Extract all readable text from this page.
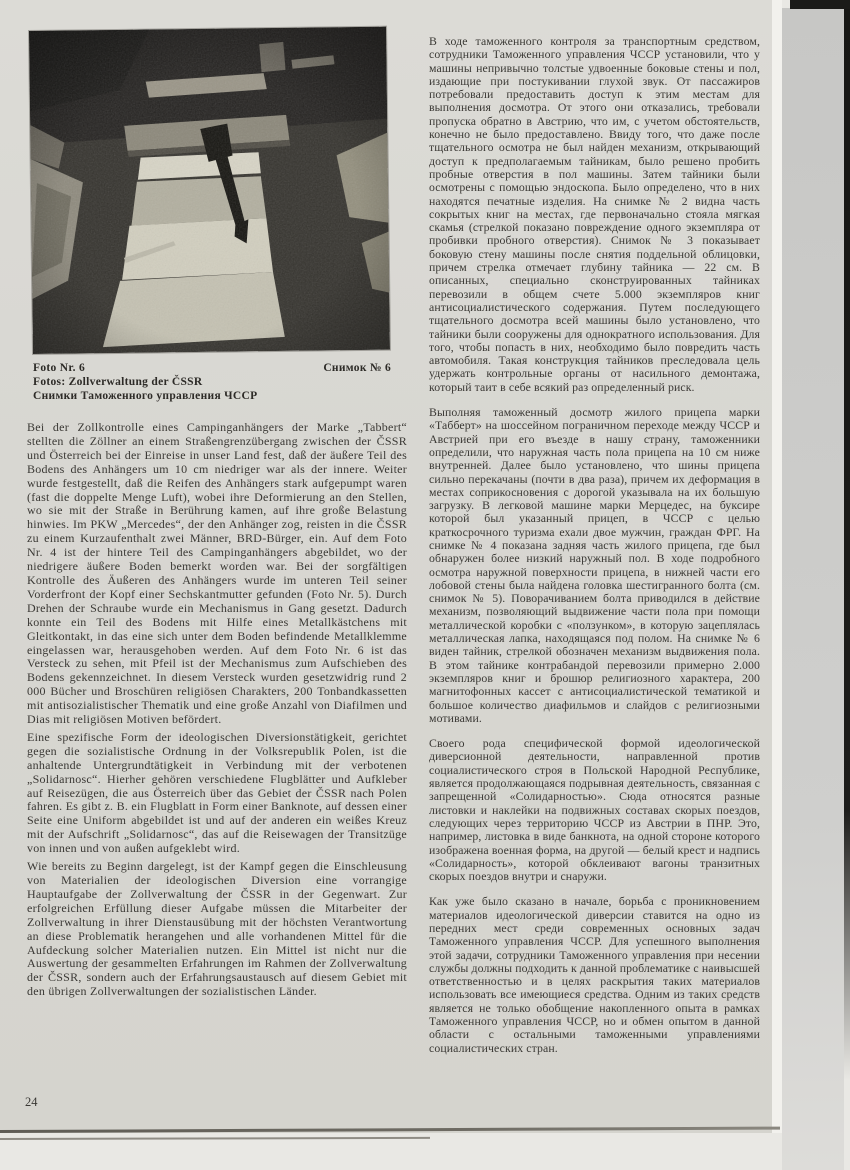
Foto Nr. 6	Снимок № 6
Fotos: Zollverwaltung der ČSSR
Снимки Таможенного управления ЧССР

Bei der Zollkontrolle eines Campinganhängers der Marke „Tabbert“ stellten die Zöllner an einem Straßengrenzübergang zwischen der ČSSR und Österreich bei der Einreise in unser Land fest, daß der äußere Teil des Bodens des Anhängers um 10 cm niedriger war als der innere. Weiter wurde festgestellt, daß die Reifen des Anhängers stark aufgepumpt waren (fast die doppelte Menge Luft), wobei ihre Deformierung an den Stellen, wo sie mit der Straße in Berührung kamen, auf ihre große Belastung hinwies. Im PKW „Mercedes“, der den Anhänger zog, reisten in die ČSSR zu einem Kurzaufenthalt zwei Männer, BRD-Bürger, ein. Auf dem Foto Nr. 4 ist der hintere Teil des Campinganhängers abgebildet, wo der niedrigere äußere Boden bemerkt worden war. Bei der sorgfältigen Kontrolle des Äußeren des Anhängers wurde im unteren Teil seiner Vorderfront der Kopf einer Sechskantmutter gefunden (Foto Nr. 5). Durch Drehen der Schraube wurde ein Mechanismus in Gang gesetzt. Dadurch konnte ein Teil des Bodens mit Hilfe eines Metallkästchens mit Gleitkontakt, in das eine sich unter dem Boden befindende Metallklemme eingelassen war, herausgehoben werden. Auf dem Foto Nr. 6 ist das Versteck zu sehen, mit Pfeil ist der Mechanismus zum Aufschieben des Bodens gekennzeichnet. In diesem Versteck wurden gesetzwidrig rund 2 000 Bücher und Broschüren religiösen Charakters, 200 Tonbandkassetten mit antisozialistischer Thematik und eine große Anzahl von Diafilmen und Dias mit religiösen Motiven befördert.

Eine spezifische Form der ideologischen Diversionstätigkeit, gerichtet gegen die sozialistische Ordnung in der Volksrepublik Polen, ist die anhaltende Untergrundtätigkeit in Verbindung mit der verbotenen „Solidarnosc“. Hierher gehören verschiedene Flugblätter und Aufkleber auf Reisezügen, die aus Österreich über das Gebiet der ČSSR nach Polen fahren. Es gibt z. B. ein Flugblatt in Form einer Banknote, auf dessen einer Seite eine Uniform abgebildet ist und auf der anderen ein weißes Kreuz mit der Aufschrift „Solidarnosc“, das auf die Reisewagen der Transitzüge von innen und von außen aufgeklebt wird.

Wie bereits zu Beginn dargelegt, ist der Kampf gegen die Einschleusung von Materialien der ideologischen Diversion eine vorrangige Hauptaufgabe der Zollverwaltung der ČSSR in der Gegenwart. Zur erfolgreichen Erfüllung dieser Aufgabe müssen die Mitarbeiter der Zollverwaltung in ihrer Dienstausübung mit der höchsten Verantwortung an diese Problematik herangehen und alle vorhandenen Mittel für die Aufdeckung solcher Materialien nutzen. Ein Mittel ist nicht nur die Auswertung der gesammelten Erfahrungen im Rahmen der Zollverwaltung der ČSSR, sondern auch der Erfahrungsaustausch auf diesem Gebiet mit den übrigen Zollverwaltungen der sozialistischen Länder.

В ходе таможенного контроля за транспортным средством, сотрудники Таможенного управления ЧССР установили, что у машины непривычно толстые удвоенные боковые стены и пол, издающие при постукивании глухой звук. От пассажиров потребовали предоставить доступ к этим местам для выполнения досмотра. От этого они отказались, требовали пропуска обратно в Австрию, что им, с учетом обстоятельств, конечно не было предоставлено. Ввиду того, что даже после тщательного осмотра не был найден механизм, открывающий доступ к предполагаемым тайникам, было решено пробить пробные отверстия в пол машины. Затем тайники были осмотрены с помощью эндоскопа. Было определено, что в них находятся печатные изделия. На снимке № 2 видна часть сокрытых книг на местах, где первоначально стояла мягкая скамья (стрелкой показано повреждение одного экземпляра от пробивки пробного отверстия). Снимок № 3 показывает боковую стену машины после снятия поддельной облицовки, причем стрелка отмечает глубину тайника — 22 см. В описанных, специально сконструированных тайниках перевозили в общем счете 5.000 экземпляров книг антисоциалистического содержания. Путем последующего тщательного досмотра всей машины было установлено, что тайники были сооружены для однократного использования. Для того, чтобы попасть в них, необходимо было повредить часть автомобиля. Такая конструкция тайников преследовала цель удержать контрольные органы от насильного демонтажа, который таит в себе всякий раз определенный риск.

Выполняя таможенный досмотр жилого прицепа марки «Табберт» на шоссейном пограничном переходе между ЧССР и Австрией при его въезде в нашу страну, таможенники определили, что наружная часть пола прицепа на 10 см ниже внутренней. Далее было установлено, что шины прицепа сильно перекачаны (почти в два раза), причем их деформация в местах соприкосновения с дорогой указывала на их большую загрузку. В легковой машине марки Мерцедес, на буксире которой был указанный прицеп, в ЧССР с целью краткосрочного туризма ехали двое мужчин, граждан ФРГ. На снимке № 4 показана задняя часть жилого прицепа, где был обнаружен более низкий наружный пол. В ходе подробного осмотра наружной поверхности прицепа, в нижней части его лобовой стены была найдена головка шестигранного болта (см. снимок № 5). Поворачиванием болта приводился в действие механизм, позволяющий выдвижение части пола при помощи металлической коробки с «ползунком», в которую зацеплялась металлическая лапка, находящаяся под полом. На снимке № 6 виден тайник, стрелкой обозначен механизм выдвижения пола. В этом тайнике контрабандой перевозили примерно 2.000 экземпляров книг и брошюр религиозного характера, 200 магнитофонных кассет с антисоциалистической тематикой и большое количество диафильмов и слайдов с религиозными мотивами.

Своего рода специфической формой идеологической диверсионной деятельности, направленной против социалистического строя в Польской Народной Республике, является продолжающаяся подрывная деятельность, связанная с запрещенной «Солидарностью». Сюда относятся разные листовки и наклейки на подвижных составах скорых поездов, следующих через территорию ЧССР из Австрии в ПНР. Это, например, листовка в виде банкнота, на одной стороне которого изображена военная форма, на другой — белый крест и надпись «Солидарность», которой обклеивают вагоны транзитных скорых поездов внутри и снаружи.

Как уже было сказано в начале, борьба с проникновением материалов идеологической диверсии ставится на одно из передних мест среди современных основных задач Таможенного управления ЧССР. Для успешного выполнения этой задачи, сотрудники Таможенного управления при несении службы должны подходить к данной проблематике с наивысшей ответственностью и в целях раскрытия таких материалов использовать все имеющиеся средства. Одним из таких средств является не только обобщение накопленного опыта в рамках Таможенного управления ЧССР, но и обмен опытом в данной области с остальными таможенными управлениями социалистических стран.

24
